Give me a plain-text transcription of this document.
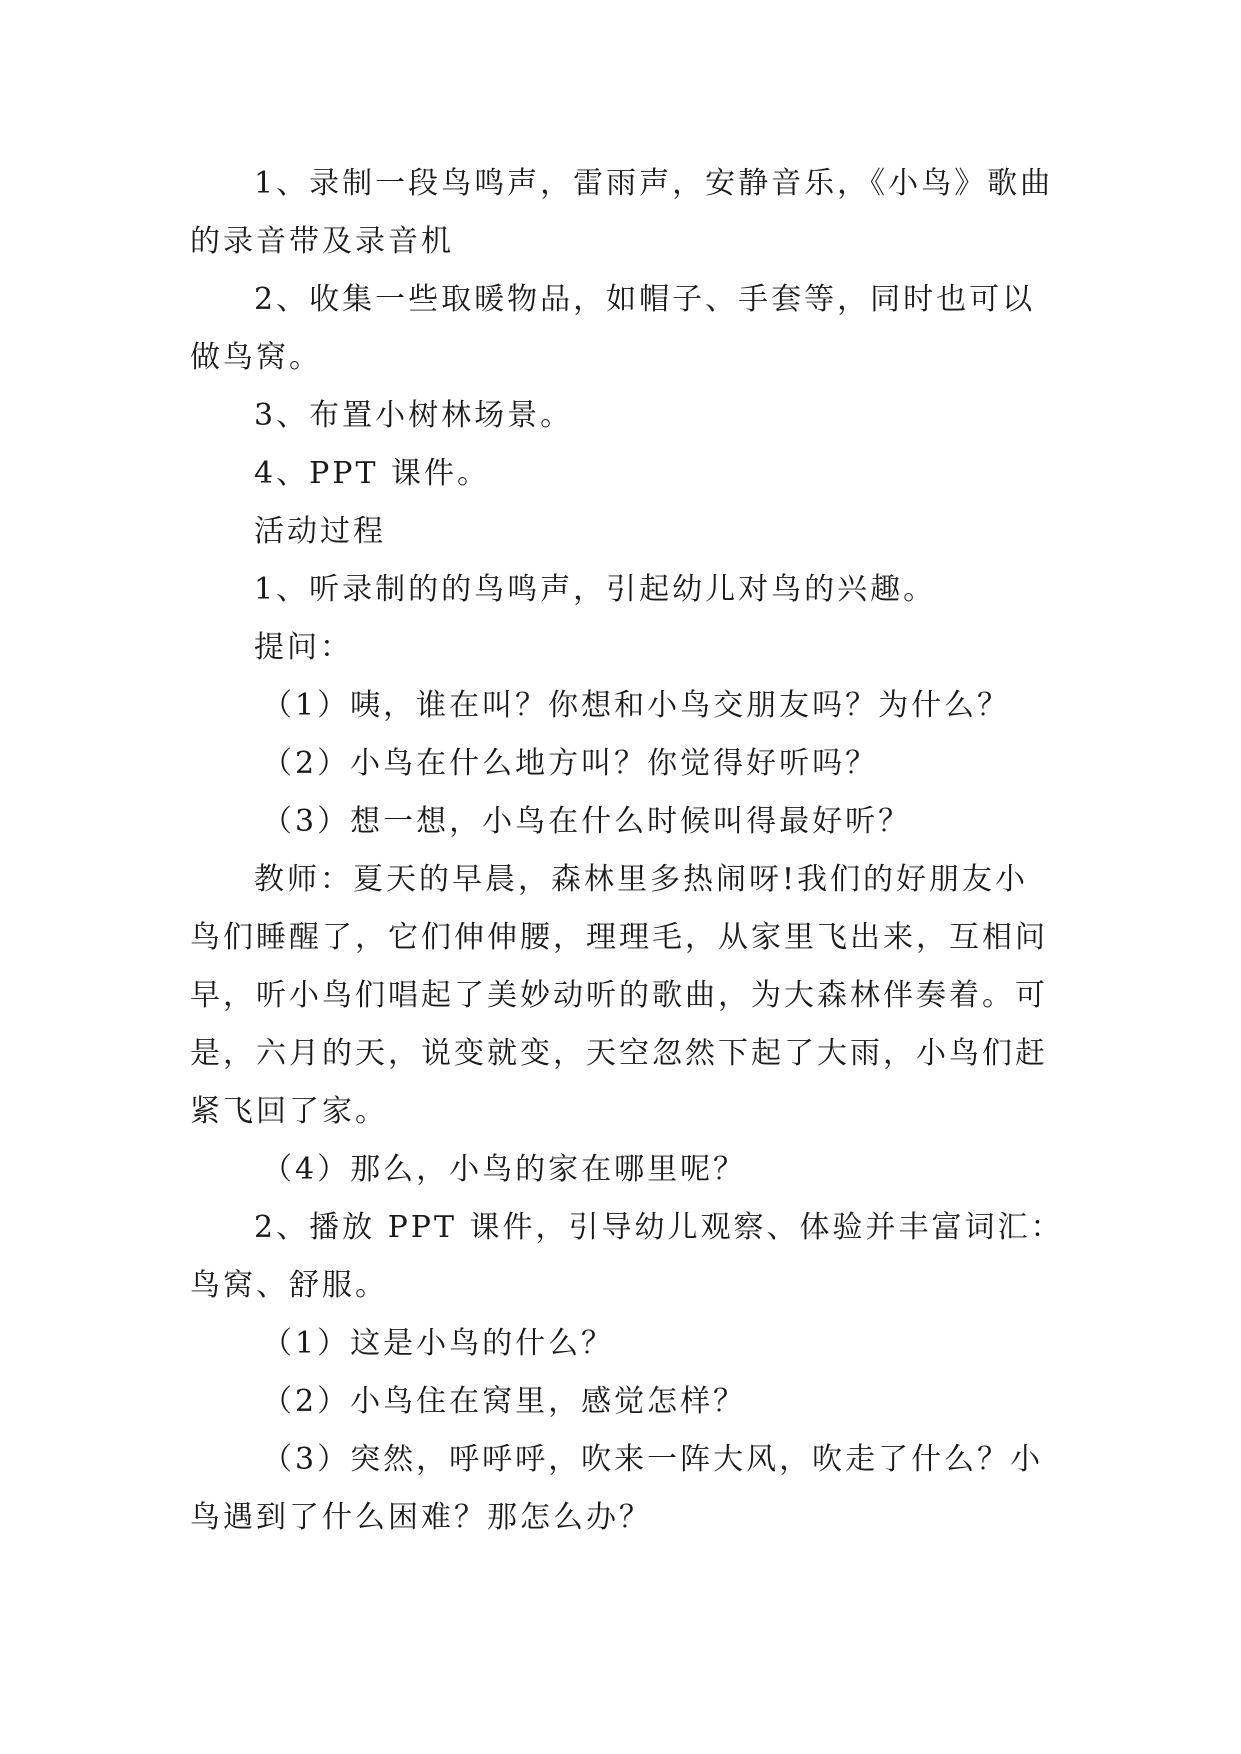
1、录制一段鸟鸣声，雷雨声，安静音乐，《小鸟》歌曲

的录音带及录音机

2、收集一些取暖物品，如帽子、手套等，同时也可以

做鸟窝。

3、布置小树林场景。

4、PPT 课件。

活动过程

1、听录制的的鸟鸣声，引起幼儿对鸟的兴趣。

提问：

（1）咦，谁在叫？你想和小鸟交朋友吗？为什么？

（2）小鸟在什么地方叫？你觉得好听吗？

（3）想一想，小鸟在什么时候叫得最好听？

教师：夏天的早晨，森林里多热闹呀!我们的好朋友小

鸟们睡醒了，它们伸伸腰，理理毛，从家里飞出来，互相问

早，听小鸟们唱起了美妙动听的歌曲，为大森林伴奏着。可

是，六月的天，说变就变，天空忽然下起了大雨，小鸟们赶

紧飞回了家。

（4）那么，小鸟的家在哪里呢？

2、播放 PPT 课件，引导幼儿观察、体验并丰富词汇：

鸟窝、舒服。

（1）这是小鸟的什么？

（2）小鸟住在窝里，感觉怎样？

（3）突然，呼呼呼，吹来一阵大风，吹走了什么？小

鸟遇到了什么困难？那怎么办？
